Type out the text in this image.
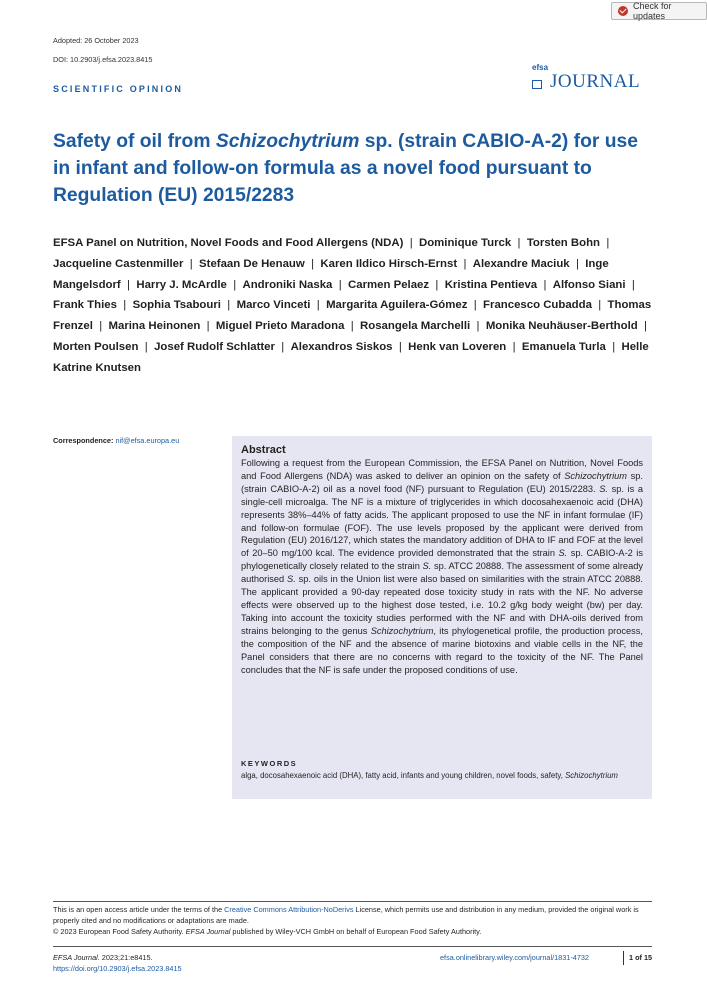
Check for updates
Adopted: 26 October 2023
DOI: 10.2903/j.efsa.2023.8415
SCIENTIFIC OPINION
efsa
JOURNAL
Safety of oil from Schizochytrium sp. (strain CABIO-A-2) for use in infant and follow-on formula as a novel food pursuant to Regulation (EU) 2015/2283
EFSA Panel on Nutrition, Novel Foods and Food Allergens (NDA)  |  Dominique Turck  |  Torsten Bohn  |  Jacqueline Castenmiller  |  Stefaan De Henauw  |  Karen Ildico Hirsch-Ernst  |  Alexandre Maciuk  |  Inge Mangelsdorf  |  Harry J. McArdle  |  Androniki Naska  |  Carmen Pelaez  |  Kristina Pentieva  |  Alfonso Siani  |  Frank Thies  |  Sophia Tsabouri  |  Marco Vinceti  |  Margarita Aguilera-Gómez  |  Francesco Cubadda  |  Thomas Frenzel  |  Marina Heinonen  |  Miguel Prieto Maradona  |  Rosangela Marchelli  |  Monika Neuhäuser-Berthold  |  Morten Poulsen  |  Josef Rudolf Schlatter  |  Alexandros Siskos  |  Henk van Loveren  |  Emanuela Turla  |  Helle Katrine Knutsen
Correspondence: nif@efsa.europa.eu
Abstract
Following a request from the European Commission, the EFSA Panel on Nutrition, Novel Foods and Food Allergens (NDA) was asked to deliver an opinion on the safety of Schizochytrium sp. (strain CABIO-A-2) oil as a novel food (NF) pursuant to Regulation (EU) 2015/2283. S. sp. is a single-cell microalga. The NF is a mixture of triglycerides in which docosahexaenoic acid (DHA) represents 38%–44% of fatty acids. The applicant proposed to use the NF in infant formulae (IF) and follow-on formulae (FOF). The use levels proposed by the applicant were derived from Regulation (EU) 2016/127, which states the mandatory addition of DHA to IF and FOF at the level of 20–50 mg/100 kcal. The evidence provided demonstrated that the strain S. sp. CABIO-A-2 is phylogenetically closely related to the strain S. sp. ATCC 20888. The assessment of some already authorised S. sp. oils in the Union list were also based on similarities with the strain ATCC 20888. The applicant provided a 90-day repeated dose toxicity study in rats with the NF. No adverse effects were observed up to the highest dose tested, i.e. 10.2 g/kg body weight (bw) per day. Taking into account the toxicity studies performed with the NF and with DHA-oils derived from strains belonging to the genus Schizochytrium, its phylogenetical profile, the production process, the composition of the NF and the absence of marine biotoxins and viable cells in the NF, the Panel considers that there are no concerns with regard to the toxicity of the NF. The Panel concludes that the NF is safe under the proposed conditions of use.
KEYWORDS
alga, docosahexaenoic acid (DHA), fatty acid, infants and young children, novel foods, safety, Schizochytrium
This is an open access article under the terms of the Creative Commons Attribution-NoDerivs License, which permits use and distribution in any medium, provided the original work is properly cited and no modifications or adaptations are made.
© 2023 European Food Safety Authority. EFSA Journal published by Wiley-VCH GmbH on behalf of European Food Safety Authority.
EFSA Journal. 2023;21:e8415.
https://doi.org/10.2903/j.efsa.2023.8415
efsa.onlinelibrary.wiley.com/journal/1831-4732	1 of 15
